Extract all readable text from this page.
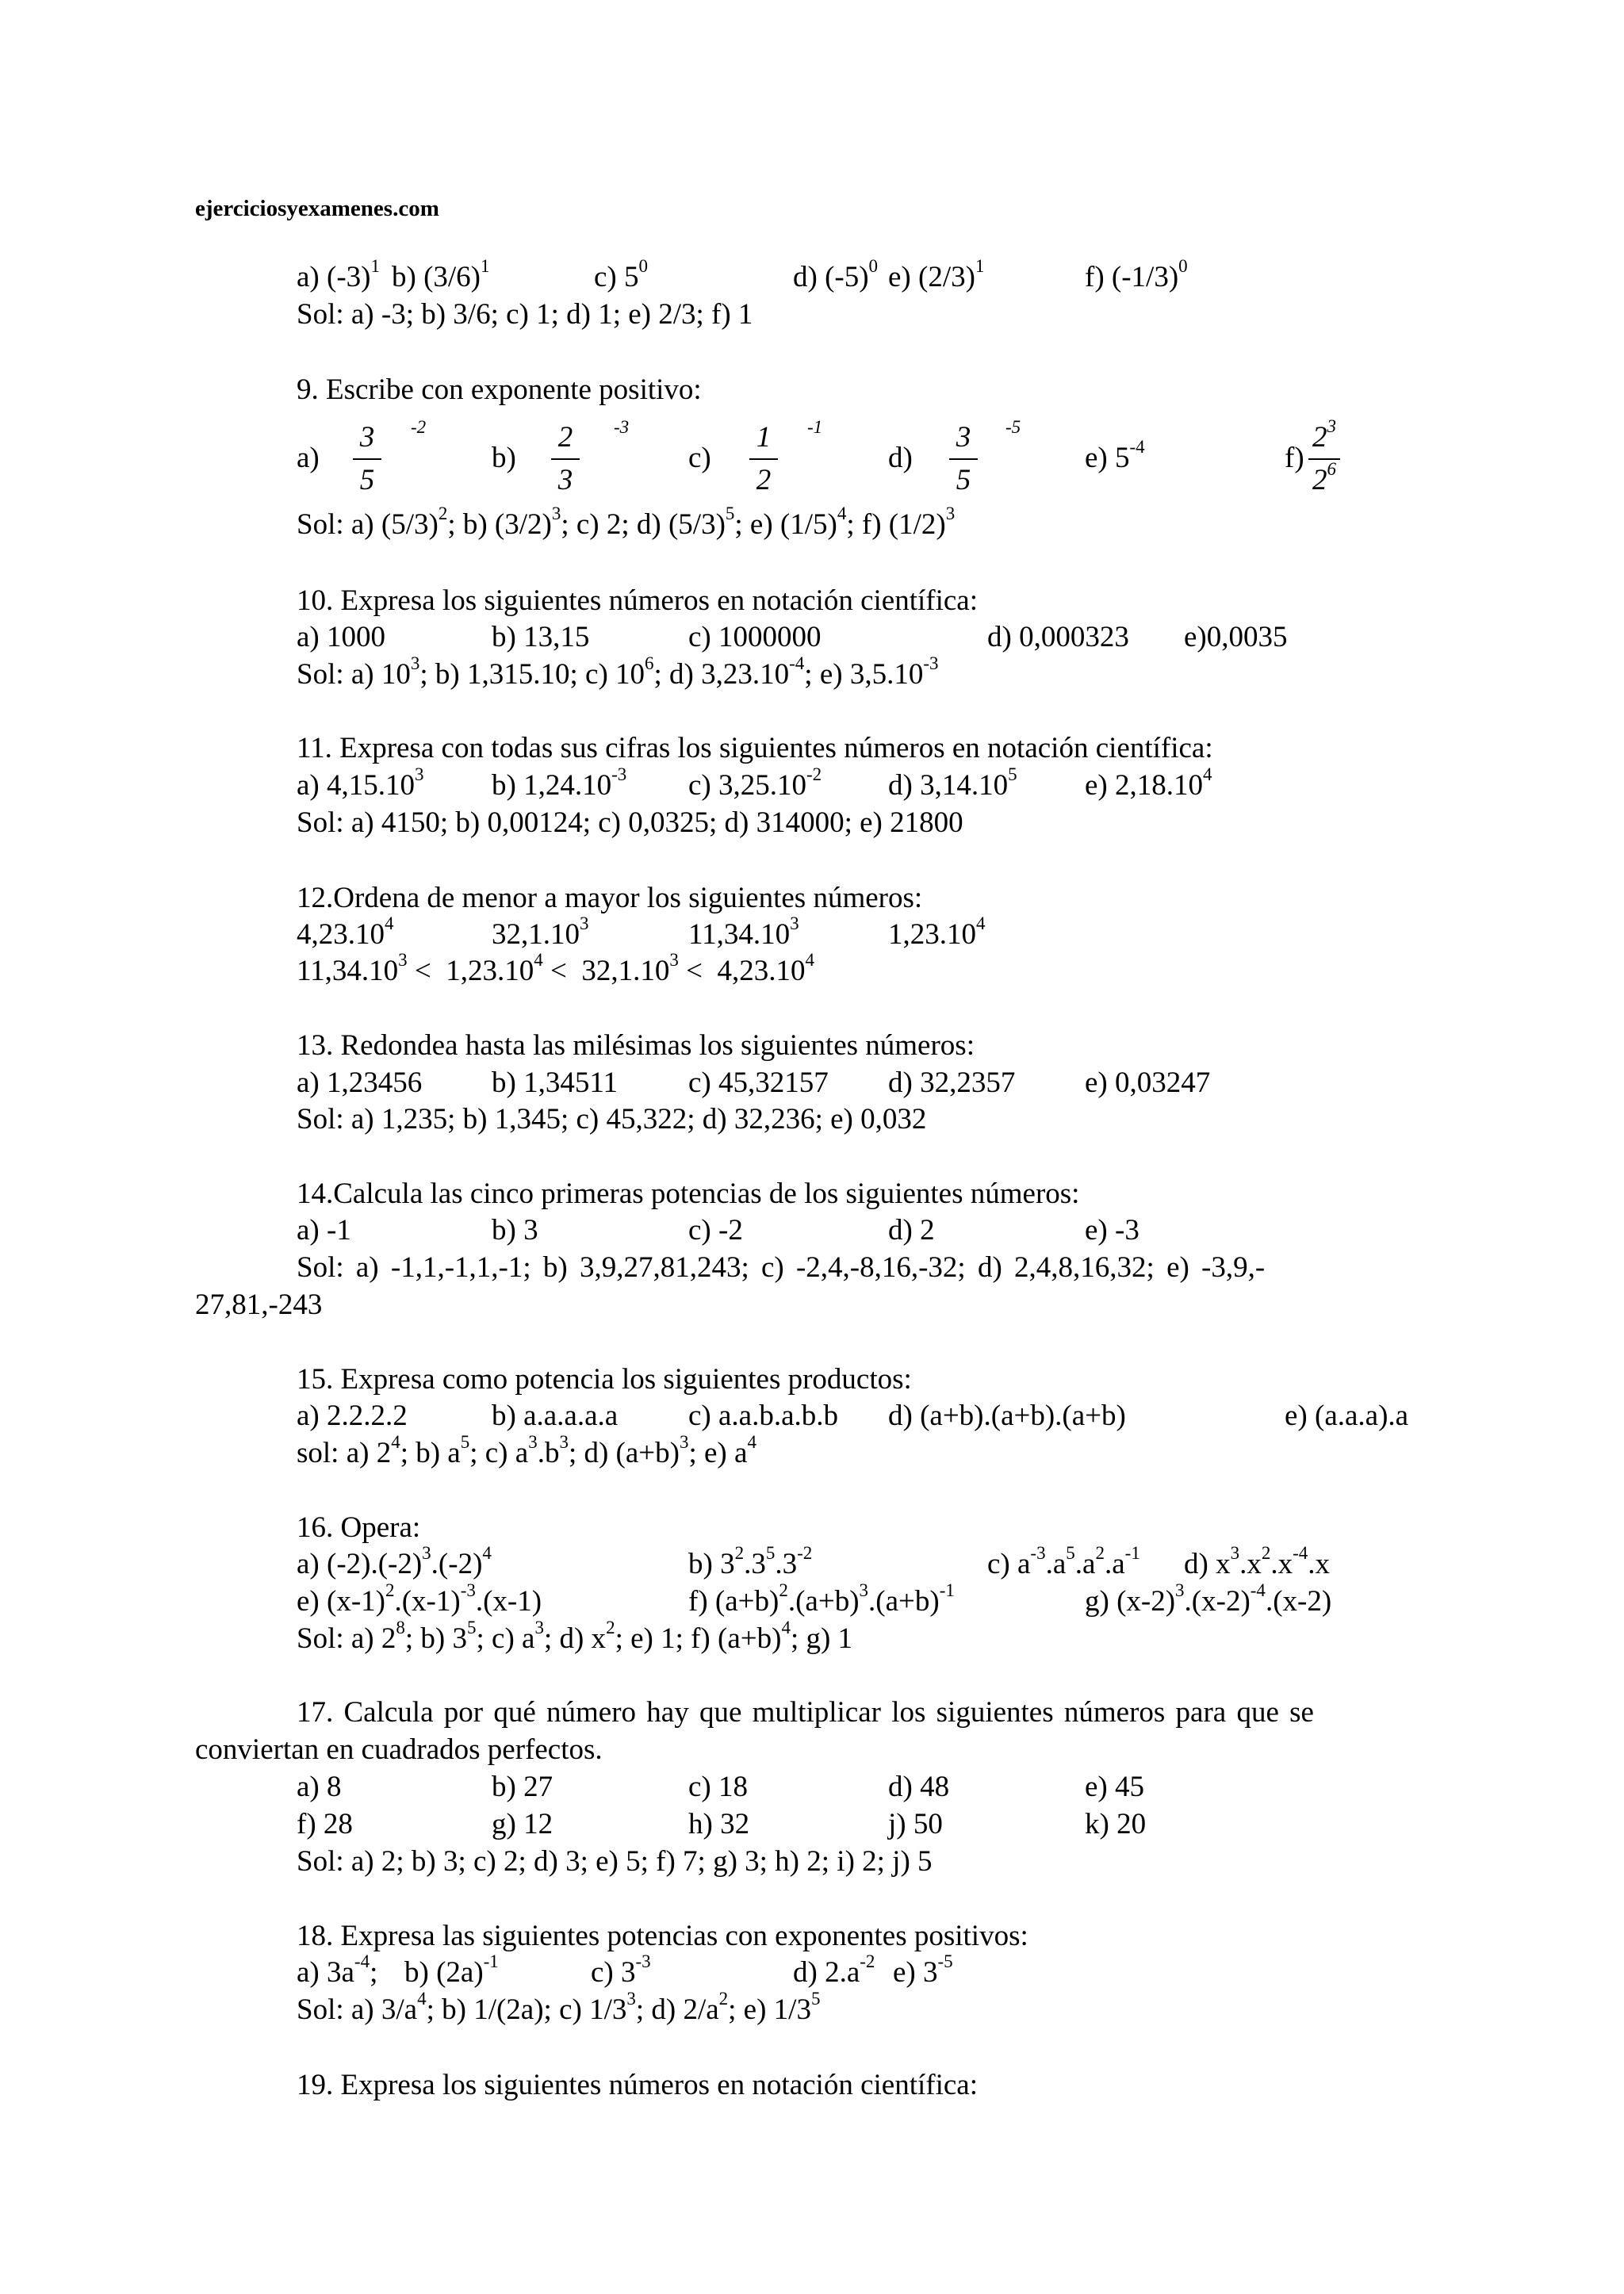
ejerciciosyexamenes.com
a) $(-3)^1$ b) $(3/6)^1$	c) $5^0$	d) $(-5)^0$ e) $(2/3)^1$	f) $(-1/3)^0$
Sol: a) -3; b) 3/6; c) 1; d) 1; e) 2/3; f) 1
9. Escribe con exponente positivo:
a)
3
5
-2
b)
2
3
-3
c)
1
2
-1
d)
3
5
-5
e) $5^{-4}$	f)
$2^3$
$2^6$
Sol: a) $(5/3)^2$; b) $(3/2)^3$; c) 2; d) $(5/3)^5$; e) $(1/5)^4$; f) $(1/2)^3$
10. Expresa los siguientes números en notación científica:
a) 1000	b) 13,15	c) 1000000	d) 0,000323 e)0,0035
Sol: a) $10^3$; b) 1,315.10; c) $10^6$; d) $3,23.10^{-4}$; e) $3,5.10^{-3}$
11. Expresa con todas sus cifras los siguientes números en notación científica:
a) 4,15.10$^3$ b) $1,24.10^{-3}$ c) $3,25.10^{-2}$ d) 3,14.10$^5$ e) 2,18.10$^4$
Sol: a) 4150; b) 0,00124; c) 0,0325; d) 314000; e) 21800
12.Ordena de menor a mayor los siguientes números:
4,23.10$^4$	32,1.10$^3$	11,34.10$^3$	1,23.10$^4$
$11,34.10^3 < 1,23.10^4 < 32,1.10^3 < 4,23.10^4$
13. Redondea hasta las milésimas los siguientes números:
a) 1,23456 b) 1,34511 c) 45,32157 d) 32,2357 e) 0,03247
Sol: a) 1,235; b) 1,345; c) 45,322; d) 32,236; e) 0,032
14.Calcula las cinco primeras potencias de los siguientes números:
a) -1	b) 3	c) -2	d) 2	e) -3
Sol: a) -1,1,-1,1,-1; b) 3,9,27,81,243; c) -2,4,-8,16,-32; d) 2,4,8,16,32; e) -3,9,-
27,81,-243
15. Expresa como potencia los siguientes productos:
a) 2.2.2.2	b) a.a.a.a.a c) a.a.b.a.b.b d) (a+b).(a+b).(a+b)	e) (a.a.a).a
sol: a) $2^4$; b) $a^5$; c) $a^3.b^3$; d) $(a+b)^3$; e) $a^4$
16. Opera:
a) $(-2).(-2)^3.(-2)^4$	b) $3^2.3^5.3^{-2}$	c) $a^{-3}.a^5.a^2.a^{-1}$ d) $x^3.x^2.x^{-4}.x$
e) $(x-1)^2.(x-1)^{-3}.(x-1)$	f) $(a+b)^2.(a+b)^3.(a+b)^{-1}$	g) $(x-2)^3.(x-2)^{-4}.(x-2)$
Sol: a) $2^8$; b) $3^5$; c) $a^3$; d) $x^2$; e) 1; f) $(a+b)^4$; g) 1
17. Calcula por qué número hay que multiplicar los siguientes números para que se
conviertan en cuadrados perfectos.
a) 8	b) 27	c) 18	d) 48	e) 45
f) 28	g) 12	h) 32	j) 50	k) 20
Sol: a) 2; b) 3; c) 2; d) 3; e) 5; f) 7; g) 3; h) 2; i) 2; j) 5
18. Expresa las siguientes potencias con exponentes positivos:
a) $3a^{-4}$; b) $(2a)^{-1}$	c) $3^{-3}$	d) $2.a^{-2}$ e) $3^{-5}$
Sol: a) $3/a^4$; b) 1/(2a); c) $1/3^3$; d) $2/a^2$; e) $1/3^5$
19. Expresa los siguientes números en notación científica:
